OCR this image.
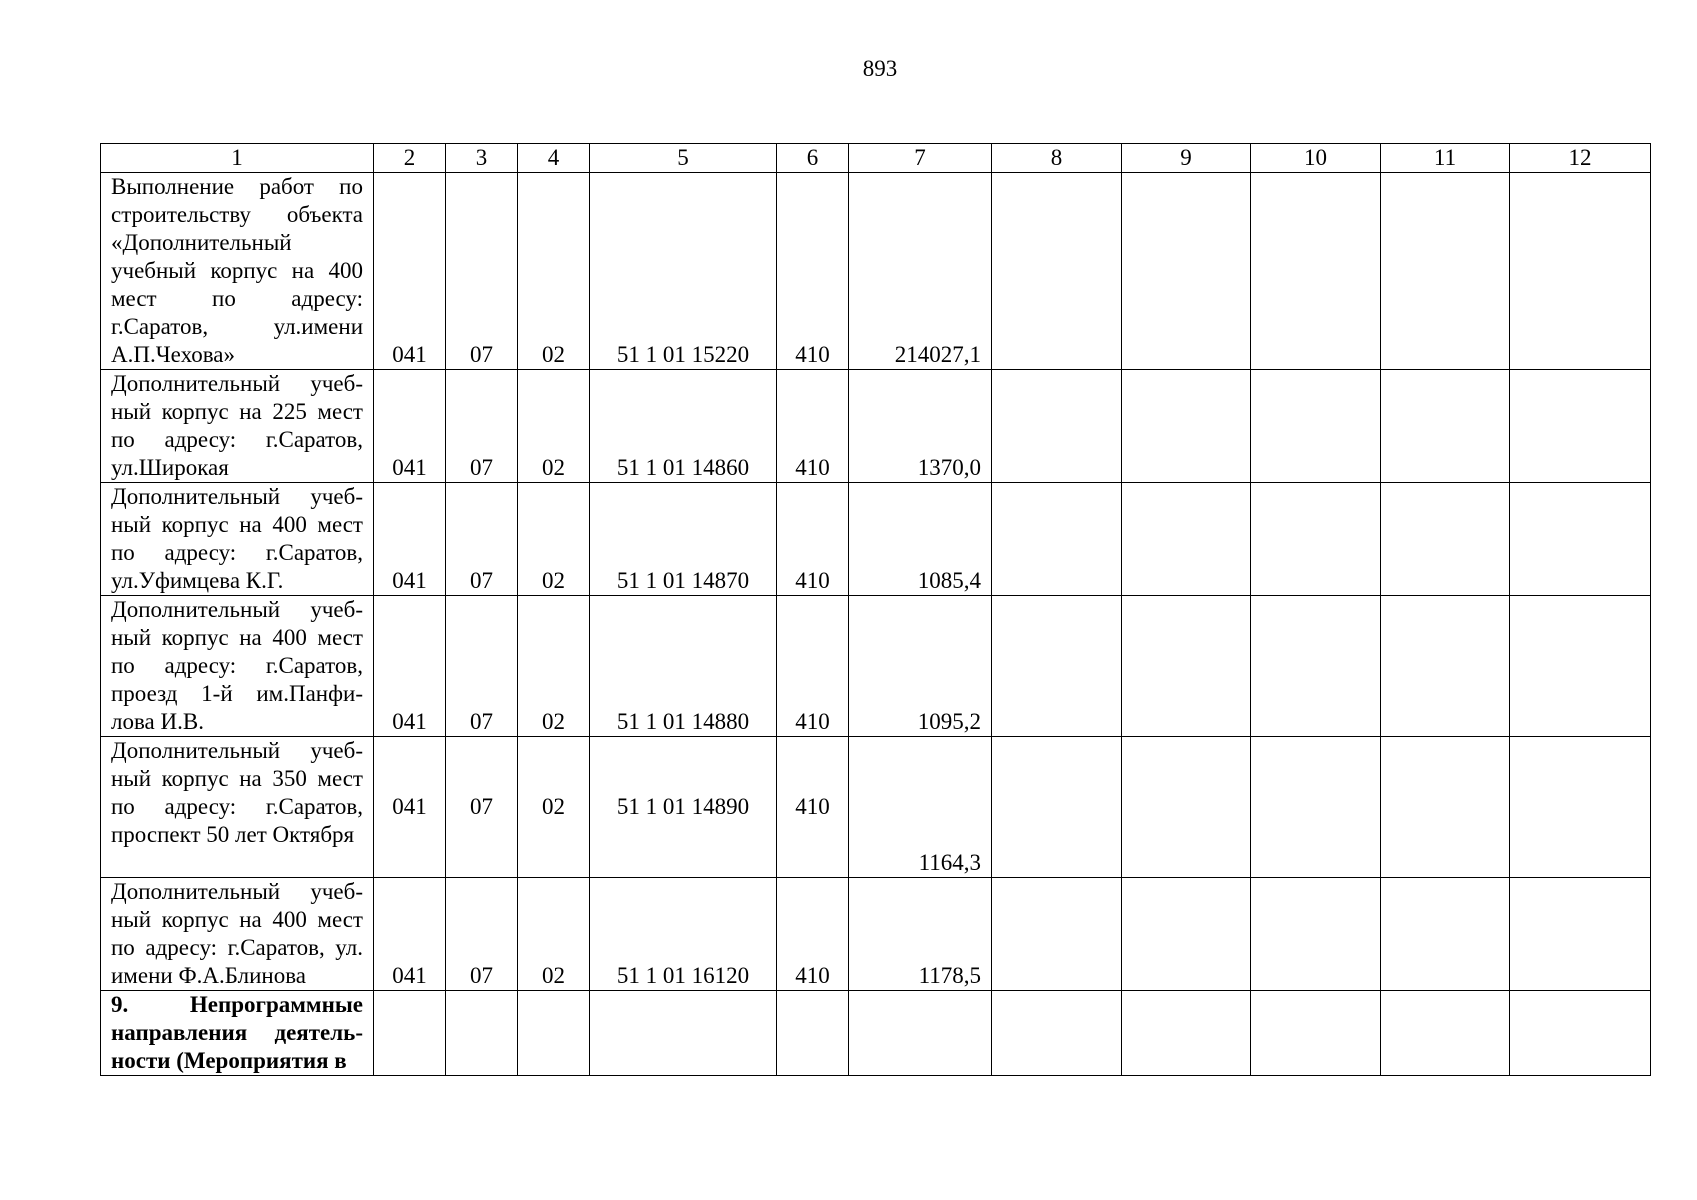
893
1	2	3	4	5	6	7	8	9	10	11	12
Выполнение работ по строительству объекта «Дополнительный учебный корпус на 400 мест по адресу: г.Саратов, ул.имени А.П.Чехова»	041	07	02	51 1 01 15220	410	214027,1					
Дополнительный учебный корпус на 225 мест по адресу: г.Саратов, ул.Широкая	041	07	02	51 1 01 14860	410	1370,0					
Дополнительный учебный корпус на 400 мест по адресу: г.Саратов, ул.Уфимцева К.Г.	041	07	02	51 1 01 14870	410	1085,4					
Дополнительный учебный корпус на 400 мест по адресу: г.Саратов, проезд 1-й им.Панфилова И.В.	041	07	02	51 1 01 14880	410	1095,2					
Дополнительный учебный корпус на 350 мест по адресу: г.Саратов, проспект 50 лет Октября	041	07	02	51 1 01 14890	410	1164,3					
Дополнительный учебный корпус на 400 мест по адресу: г.Саратов, ул. имени Ф.А.Блинова	041	07	02	51 1 01 16120	410	1178,5					
9. Непрограммные направления деятельности (Мероприятия в											
